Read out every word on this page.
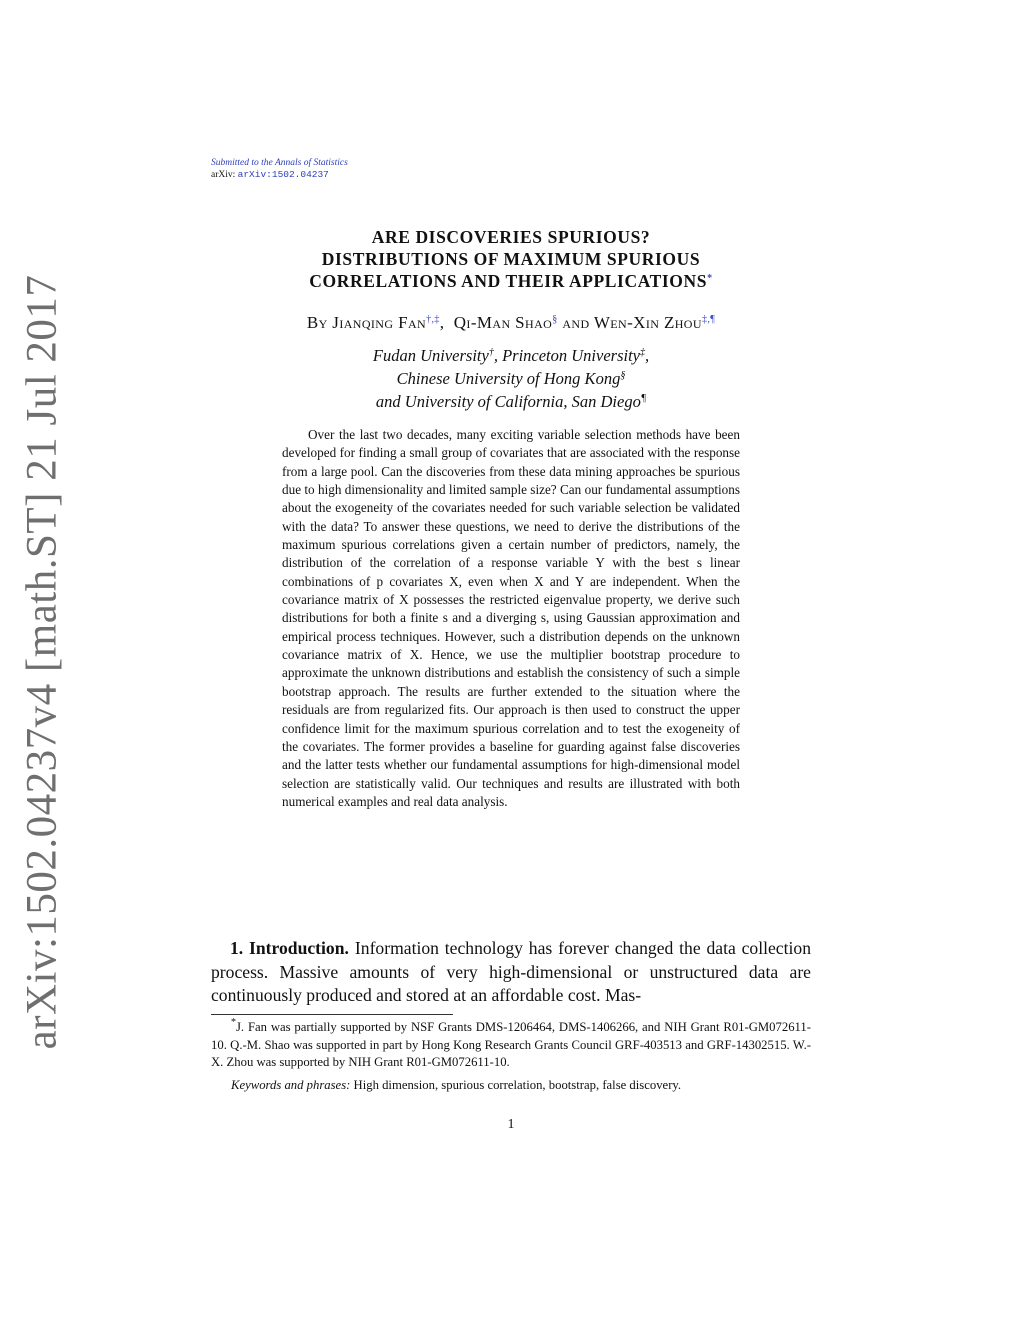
arXiv:1502.04237v4 [math.ST] 21 Jul 2017
Submitted to the Annals of Statistics
arXiv: arXiv:1502.04237
ARE DISCOVERIES SPURIOUS?
DISTRIBUTIONS OF MAXIMUM SPURIOUS
CORRELATIONS AND THEIR APPLICATIONS*
By Jianqing Fan†,‡, Qi-Man Shao§ and Wen-Xin Zhou‡,¶
Fudan University†, Princeton University‡,
Chinese University of Hong Kong§
and University of California, San Diego¶

Over the last two decades, many exciting variable selection methods have been developed for finding a small group of covariates that are associated with the response from a large pool. Can the discoveries from these data mining approaches be spurious due to high dimensionality and limited sample size? Can our fundamental assumptions about the exogeneity of the covariates needed for such variable selection be validated with the data? To answer these questions, we need to derive the distributions of the maximum spurious correlations given a certain number of predictors, namely, the distribution of the correlation of a response variable Y with the best s linear combinations of p covariates X, even when X and Y are independent. When the covariance matrix of X possesses the restricted eigenvalue property, we derive such distributions for both a finite s and a diverging s, using Gaussian approximation and empirical process techniques. However, such a distribution depends on the unknown covariance matrix of X. Hence, we use the multiplier bootstrap procedure to approximate the unknown distributions and establish the consistency of such a simple bootstrap approach. The results are further extended to the situation where the residuals are from regularized fits. Our approach is then used to construct the upper confidence limit for the maximum spurious correlation and to test the exogeneity of the covariates. The former provides a baseline for guarding against false discoveries and the latter tests whether our fundamental assumptions for high-dimensional model selection are statistically valid. Our techniques and results are illustrated with both numerical examples and real data analysis.

1. Introduction. Information technology has forever changed the data collection process. Massive amounts of very high-dimensional or unstructured data are continuously produced and stored at an affordable cost. Mas-

*J. Fan was partially supported by NSF Grants DMS-1206464, DMS-1406266, and NIH Grant R01-GM072611-10. Q.-M. Shao was supported in part by Hong Kong Research Grants Council GRF-403513 and GRF-14302515. W.-X. Zhou was supported by NIH Grant R01-GM072611-10.

Keywords and phrases: High dimension, spurious correlation, bootstrap, false discovery.

1
